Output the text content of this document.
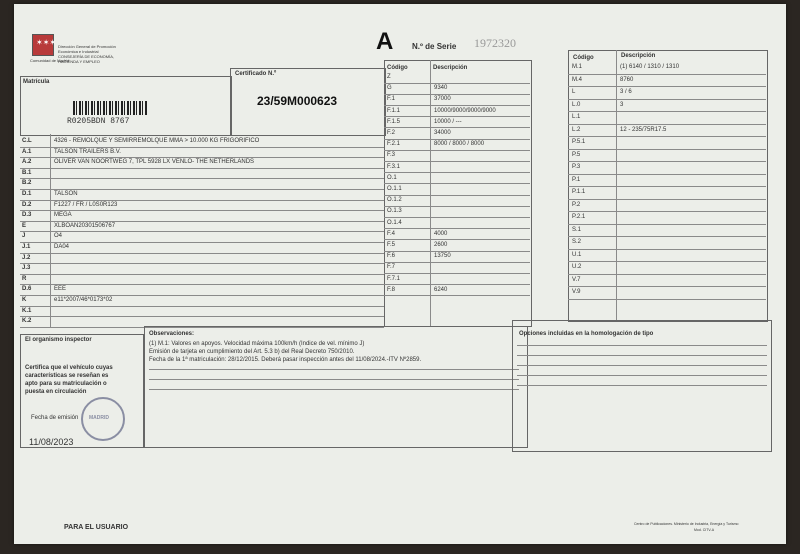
✶✶✶
Comunidad de Madrid
Dirección General de Promoción
Económica e Industrial
CONSEJERÍA DE ECONOMÍA,
HACIENDA Y EMPLEO
A N.º de Serie 1972320
Matrícula
R0205BDN 8767
Certificado N.º
23/59M000623
C.L	4326 - REMOLQUE Y SEMIRREMOLQUE MMA > 10.000 KG FRIGORIFICO
A.1	TALSON TRAILERS B.V.
A.2	OLIVER VAN NOORTWEG 7, TPL 5928 LX VENLO- THE NETHERLANDS
B.1
B.2
D.1	TALSON
D.2	F1227 / FR / L0S0R123
D.3	MEGA
E	XLBOAN20301506767
J	O4
J.1	DA04
J.2
J.3
R
D.6	EEE
K	e11*2007/46*0173*02
K.1
K.2
Código	Descripción
Z
G	9340
F.1	37000
F.1.1	10000/9000/9000/9000
F.1.5	10000 / ---
F.2	34000
F.2.1	8000 / 8000 / 8000
F.3
F.3.1
O.1
O.1.1
O.1.2
O.1.3
O.1.4
F.4	4000
F.5	2600
F.6	13750
F.7
F.7.1
F.8	6240
Código	Descripción
M.1	(1) 6140 / 1310 / 1310
M.4	8760
L	3 / 6
L.0	3
L.1
L.2	12 - 235/75R17.5
P.5.1
P.5
P.3
P.1
P.1.1
P.2
P.2.1
S.1
S.2
U.1
U.2
V.7
V.9
El organismo inspector
Certifica que el vehículo cuyas
características se reseñan es
apto para su matriculación o
puesta en circulación
Fecha de emisión
11/08/2023
MADRID
Observaciones:
(1) M.1: Valores en apoyos. Velocidad máxima 100km/h (Indice de vel. mínimo J)
Emisión de tarjeta en cumplimiento del Art. 5.3 b) del Real Decreto 750/2010.
Fecha de la 1ª matriculación: 28/12/2015. Deberá pasar inspección antes del 11/08/2024.-ITV Nº2859.
Opciones incluidas en la homologación de tipo
PARA EL USUARIO	Centro de Publicaciones. Ministerio de Industria, Energía y Turismo
Mod. CITV-A
